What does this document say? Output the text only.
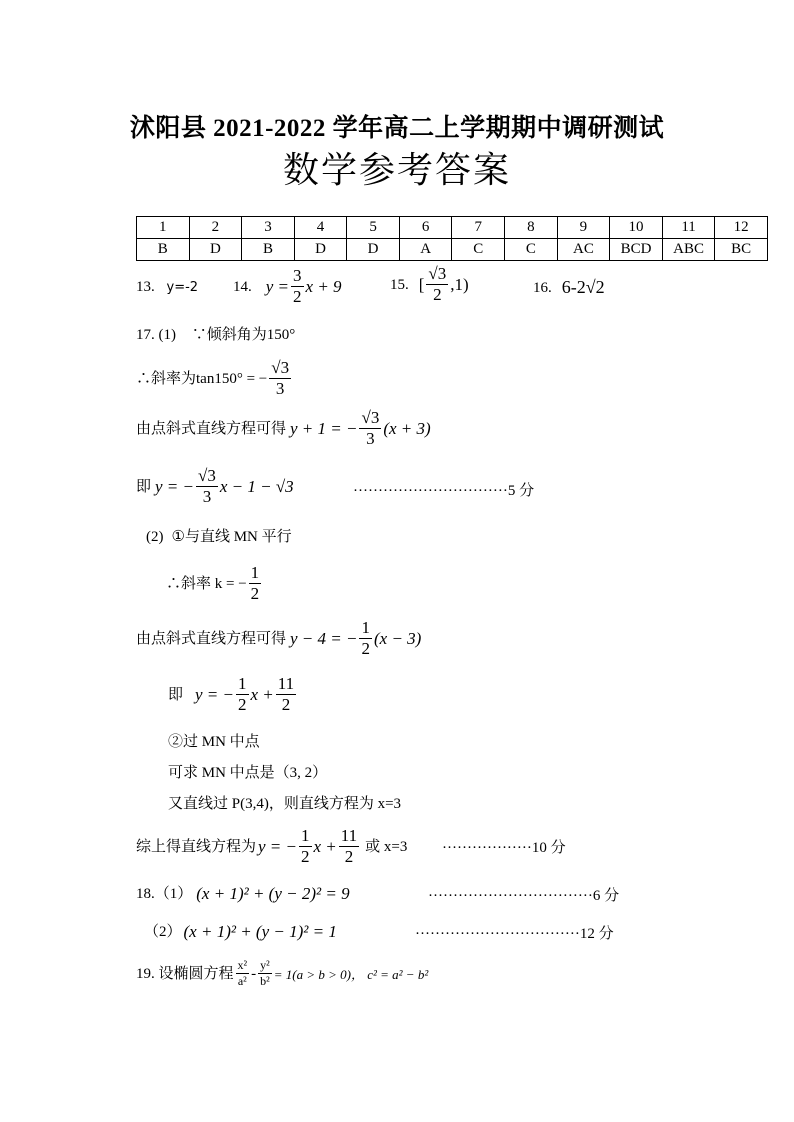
沭阳县 2021-2022 学年高二上学期期中调研测试
数学参考答案
1	2	3	4	5	6	7	8	9	10	11	12
B	D	B	D	D	A	C	C	AC	BCD	ABC	BC
13. y=-2 14. $y = \frac{3}{2}$ x + 9	15. [ $\frac{√3}{2} ,1$)	16. 6-2√2
17. (1) ∵倾斜角为150°
∴斜率为tan150° = − $\frac{√3}{3}$
由点斜式直线方程可得 y + 1 = − $\frac{√3}{3} (x + 3)$
即 y = − $\frac{√3}{3}$ x − 1 − √3	·······························5 分
(2) ① 与直线 MN 平行
∴斜率 k = − $\frac{1}{2}$
由点斜式直线方程可得 y − 4 = − $\frac{1}{2} (x - 3)$
即 y = − $\frac{1}{2}$ $x + \frac{11}{2}$
②过 MN 中点
可求 MN 中点是（3, 2）
又直线过 P(3,4)，则直线方程为 x=3
综上得直线方程为 y = − $\frac{1}{2}$ $x + \frac{11}{2}$ 或 x=3 ··················10 分
18.（1） (x + 1)² + (y − 2)² = 9	·································6 分
（2） (x + 1)² + (y − 1)² = 1	·································12 分
19. 设椭圆方程 $\frac{\text{x²}}{\text{a²}} - \frac{\text{y²}}{\text{b²}} = 1(a > b > 0)$， c² = a² − b²
